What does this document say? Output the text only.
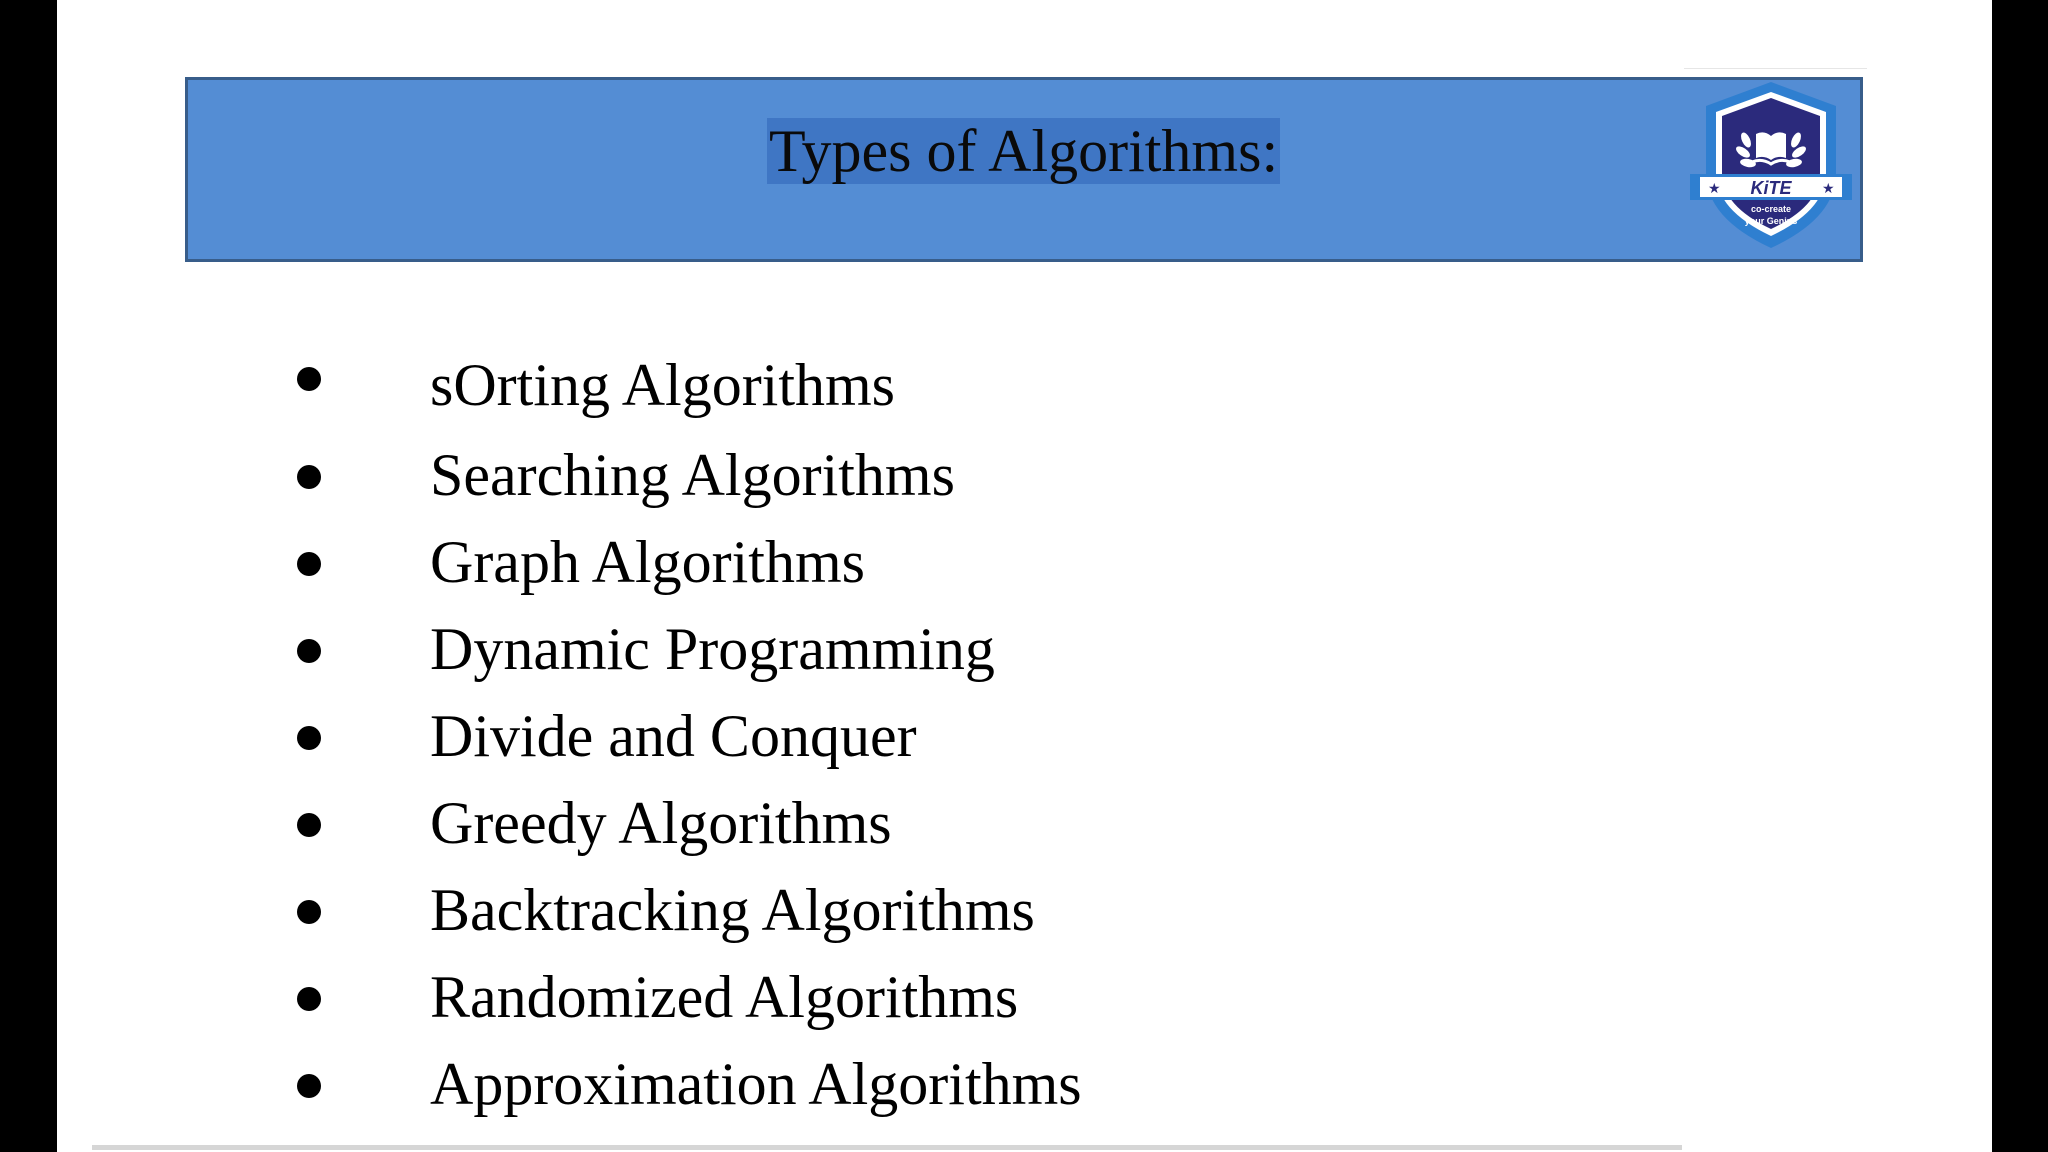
Types of Algorithms:
★	★
KiTE
co-create
your Genius
sOrting Algorithms
Searching Algorithms
Graph Algorithms
Dynamic Programming
Divide and Conquer
Greedy Algorithms
Backtracking Algorithms
Randomized Algorithms
Approximation Algorithms
